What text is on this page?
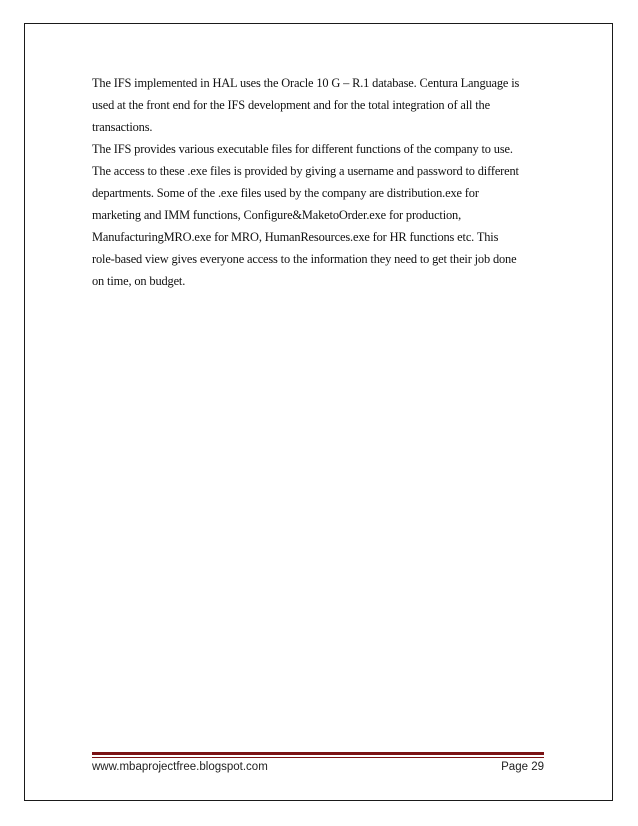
The IFS implemented in HAL uses the Oracle 10 G – R.1 database. Centura Language is
used at the front end for the IFS development and for the total integration of all the
transactions.

The IFS provides various executable files for different functions of the company to use.
The access to these .exe files is provided by giving a username and password to different
departments. Some of the .exe files used by the company are distribution.exe for
marketing and IMM functions, Configure&MaketoOrder.exe for production,
ManufacturingMRO.exe for MRO, HumanResources.exe for HR functions etc. This
role-based view gives everyone access to the information they need to get their job done
on time, on budget.

www.mbaprojectfree.blogspot.com	Page 29
